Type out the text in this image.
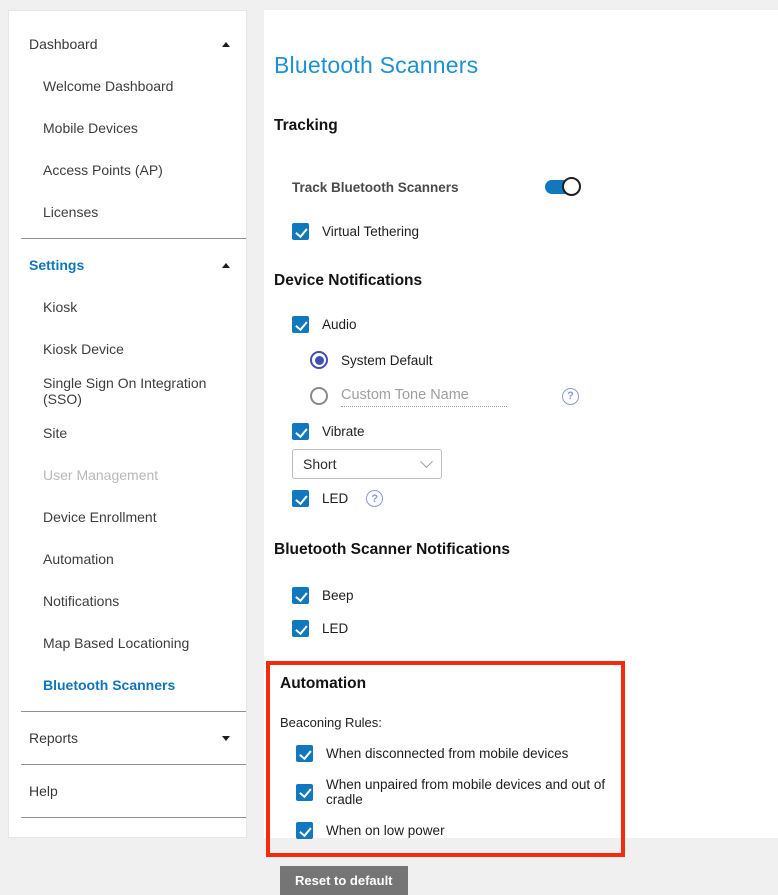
Dashboard
Welcome Dashboard
Mobile Devices
Access Points (AP)
Licenses
Settings
Kiosk
Kiosk Device
Single Sign On Integration (SSO)
Site
User Management
Device Enrollment
Automation
Notifications
Map Based Locationing
Bluetooth Scanners
Reports
Help
Bluetooth Scanners
Tracking
Track Bluetooth Scanners
Virtual Tethering
Device Notifications
Audio
System Default
Custom Tone Name
?
Vibrate
Short
LED	?
Bluetooth Scanner Notifications
Beep
LED
Automation
Beaconing Rules:
When disconnected from mobile devices
When unpaired from mobile devices and out of cradle
When on low power
Reset to default
